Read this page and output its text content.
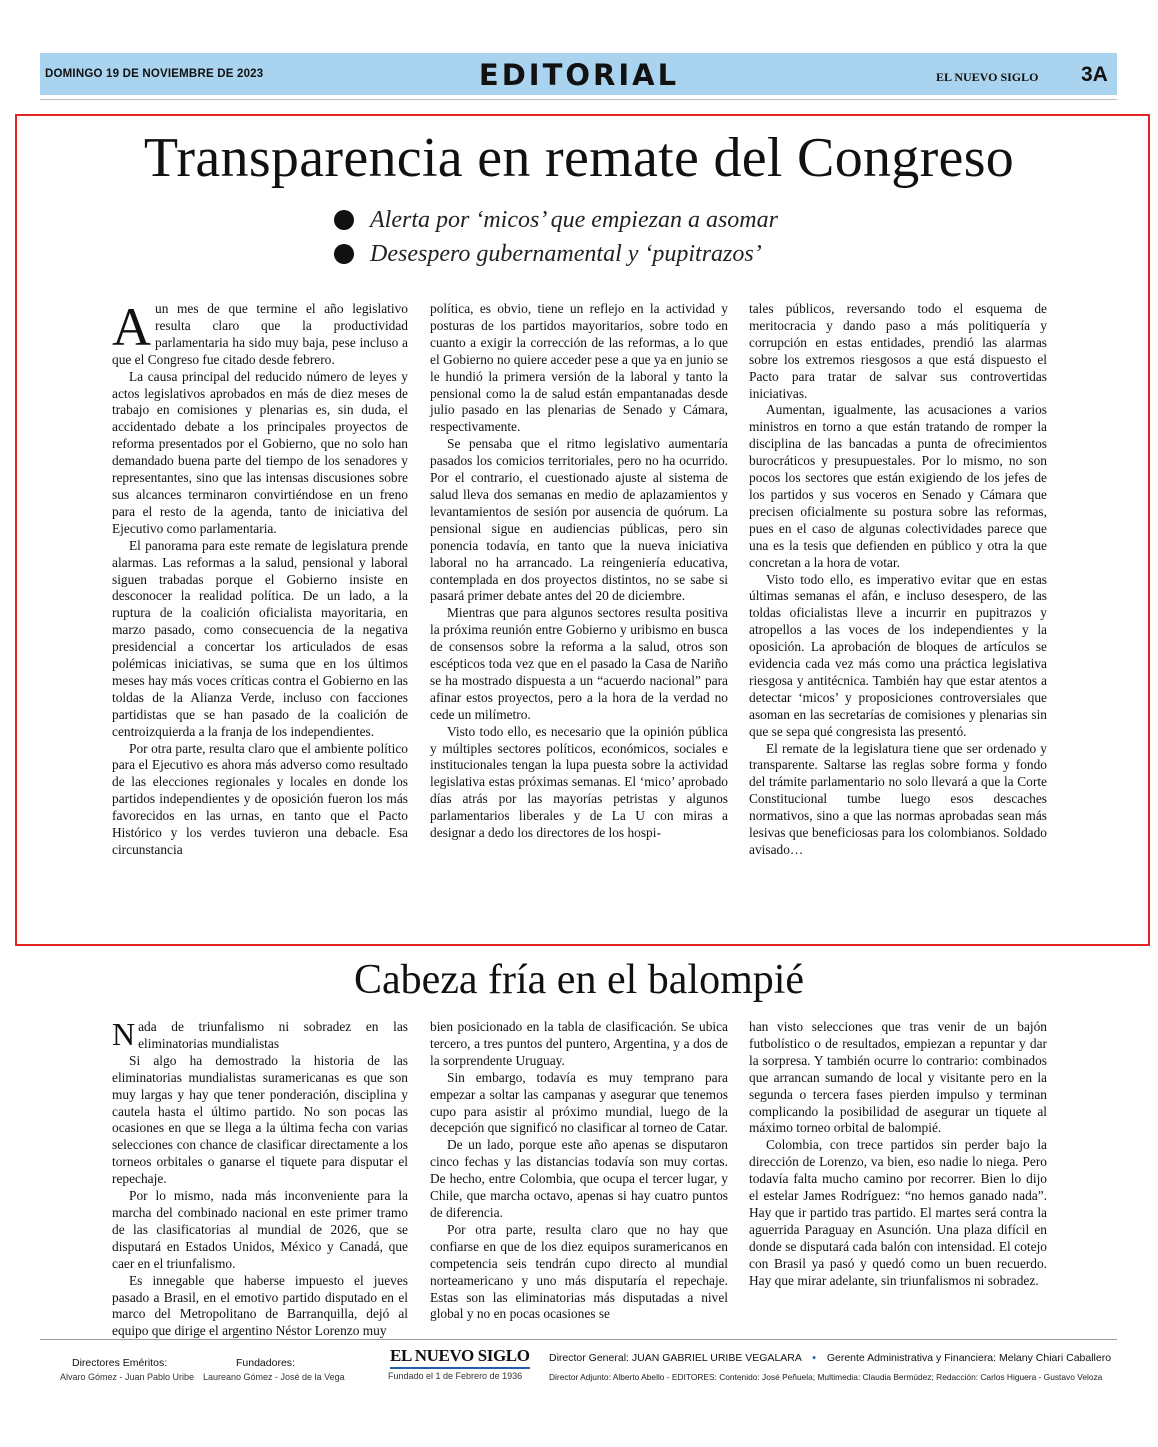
DOMINGO 19 DE NOVIEMBRE DE 2023	EDITORIAL	EL NUEVO SIGLO 3A
Transparencia en remate del Congreso
Alerta por ‘micos’ que empiezan a asomar
Desespero gubernamental y ‘pupitrazos’

Aun mes de que termine el año legislativo resulta claro que la productividad parlamentaria ha sido muy baja, pese incluso a que el Congreso fue citado desde febrero.

La causa principal del reducido número de leyes y actos legislativos aprobados en más de diez meses de trabajo en comisiones y plenarias es, sin duda, el accidentado debate a los principales proyectos de reforma presentados por el Gobierno, que no solo han demandado buena parte del tiempo de los senadores y representantes, sino que las intensas discusiones sobre sus alcances terminaron convirtiéndose en un freno para el resto de la agenda, tanto de iniciativa del Ejecutivo como parlamentaria.

El panorama para este remate de legislatura prende alarmas. Las reformas a la salud, pensional y laboral siguen trabadas porque el Gobierno insiste en desconocer la realidad política. De un lado, a la ruptura de la coalición oficialista mayoritaria, en marzo pasado, como consecuencia de la negativa presidencial a concertar los articulados de esas polémicas iniciativas, se suma que en los últimos meses hay más voces críticas contra el Gobierno en las toldas de la Alianza Verde, incluso con facciones partidistas que se han pasado de la coalición de centroizquierda a la franja de los independientes.

Por otra parte, resulta claro que el ambiente político para el Ejecutivo es ahora más adverso como resultado de las elecciones regionales y locales en donde los partidos independientes y de oposición fueron los más favorecidos en las urnas, en tanto que el Pacto Histórico y los verdes tuvieron una debacle. Esa circunstancia

política, es obvio, tiene un reflejo en la actividad y posturas de los partidos mayoritarios, sobre todo en cuanto a exigir la corrección de las reformas, a lo que el Gobierno no quiere acceder pese a que ya en junio se le hundió la primera versión de la laboral y tanto la pensional como la de salud están empantanadas desde julio pasado en las plenarias de Senado y Cámara, respectivamente.

Se pensaba que el ritmo legislativo aumentaría pasados los comicios territoriales, pero no ha ocurrido. Por el contrario, el cuestionado ajuste al sistema de salud lleva dos semanas en medio de aplazamientos y levantamientos de sesión por ausencia de quórum. La pensional sigue en audiencias públicas, pero sin ponencia todavía, en tanto que la nueva iniciativa laboral no ha arrancado. La reingeniería educativa, contemplada en dos proyectos distintos, no se sabe si pasará primer debate antes del 20 de diciembre.

Mientras que para algunos sectores resulta positiva la próxima reunión entre Gobierno y uribismo en busca de consensos sobre la reforma a la salud, otros son escépticos toda vez que en el pasado la Casa de Nariño se ha mostrado dispuesta a un “acuerdo nacional” para afinar estos proyectos, pero a la hora de la verdad no cede un milímetro.

Visto todo ello, es necesario que la opinión pública y múltiples sectores políticos, económicos, sociales e institucionales tengan la lupa puesta sobre la actividad legislativa estas próximas semanas. El ‘mico’ aprobado días atrás por las mayorías petristas y algunos parlamentarios liberales y de La U con miras a designar a dedo los directores de los hospi-

tales públicos, reversando todo el esquema de meritocracia y dando paso a más politiquería y corrupción en estas entidades, prendió las alarmas sobre los extremos riesgosos a que está dispuesto el Pacto para tratar de salvar sus controvertidas iniciativas.

Aumentan, igualmente, las acusaciones a varios ministros en torno a que están tratando de romper la disciplina de las bancadas a punta de ofrecimientos burocráticos y presupuestales. Por lo mismo, no son pocos los sectores que están exigiendo de los jefes de los partidos y sus voceros en Senado y Cámara que precisen oficialmente su postura sobre las reformas, pues en el caso de algunas colectividades parece que una es la tesis que defienden en público y otra la que concretan a la hora de votar.

Visto todo ello, es imperativo evitar que en estas últimas semanas el afán, e incluso desespero, de las toldas oficialistas lleve a incurrir en pupitrazos y atropellos a las voces de los independientes y la oposición. La aprobación de bloques de artículos se evidencia cada vez más como una práctica legislativa riesgosa y antitécnica. También hay que estar atentos a detectar ‘micos’ y proposiciones controversiales que asoman en las secretarías de comisiones y plenarias sin que se sepa qué congresista las presentó.

El remate de la legislatura tiene que ser ordenado y transparente. Saltarse las reglas sobre forma y fondo del trámite parlamentario no solo llevará a que la Corte Constitucional tumbe luego esos descaches normativos, sino a que las normas aprobadas sean más lesivas que beneficiosas para los colombianos. Soldado avisado…

Cabeza fría en el balompié

Nada de triunfalismo ni sobradez en las eliminatorias mundialistas

Si algo ha demostrado la historia de las eliminatorias mundialistas suramericanas es que son muy largas y hay que tener ponderación, disciplina y cautela hasta el último partido. No son pocas las ocasiones en que se llega a la última fecha con varias selecciones con chance de clasificar directamente a los torneos orbitales o ganarse el tiquete para disputar el repechaje.

Por lo mismo, nada más inconveniente para la marcha del combinado nacional en este primer tramo de las clasificatorias al mundial de 2026, que se disputará en Estados Unidos, México y Canadá, que caer en el triunfalismo.

Es innegable que haberse impuesto el jueves pasado a Brasil, en el emotivo partido disputado en el marco del Metropolitano de Barranquilla, dejó al equipo que dirige el argentino Néstor Lorenzo muy

bien posicionado en la tabla de clasificación. Se ubica tercero, a tres puntos del puntero, Argentina, y a dos de la sorprendente Uruguay.

Sin embargo, todavía es muy temprano para empezar a soltar las campanas y asegurar que tenemos cupo para asistir al próximo mundial, luego de la decepción que significó no clasificar al torneo de Catar.

De un lado, porque este año apenas se disputaron cinco fechas y las distancias todavía son muy cortas. De hecho, entre Colombia, que ocupa el tercer lugar, y Chile, que marcha octavo, apenas si hay cuatro puntos de diferencia.

Por otra parte, resulta claro que no hay que confiarse en que de los diez equipos suramericanos en competencia seis tendrán cupo directo al mundial norteamericano y uno más disputaría el repechaje. Estas son las eliminatorias más disputadas a nivel global y no en pocas ocasiones se

han visto selecciones que tras venir de un bajón futbolístico o de resultados, empiezan a repuntar y dar la sorpresa. Y también ocurre lo contrario: combinados que arrancan sumando de local y visitante pero en la segunda o tercera fases pierden impulso y terminan complicando la posibilidad de asegurar un tiquete al máximo torneo orbital de balompié.

Colombia, con trece partidos sin perder bajo la dirección de Lorenzo, va bien, eso nadie lo niega. Pero todavía falta mucho camino por recorrer. Bien lo dijo el estelar James Rodríguez: “no hemos ganado nada”. Hay que ir partido tras partido. El martes será contra la aguerrida Paraguay en Asunción. Una plaza difícil en donde se disputará cada balón con intensidad. El cotejo con Brasil ya pasó y quedó como un buen recuerdo. Hay que mirar adelante, sin triunfalismos ni sobradez.

Directores Eméritos:
Alvaro Gómez - Juan Pablo Uribe
Fundadores:
Laureano Gómez - José de la Vega
EL NUEVO SIGLO
Fundado el 1 de Febrero de 1936
Director General: JUAN GABRIEL URIBE VEGALARA • Gerente Administrativa y Financiera: Melany Chiari Caballero
Director Adjunto: Alberto Abello - EDITORES: Contenido: José Peñuela; Multimedia: Claudia Bermúdez; Redacción: Carlos Higuera - Gustavo Veloza
